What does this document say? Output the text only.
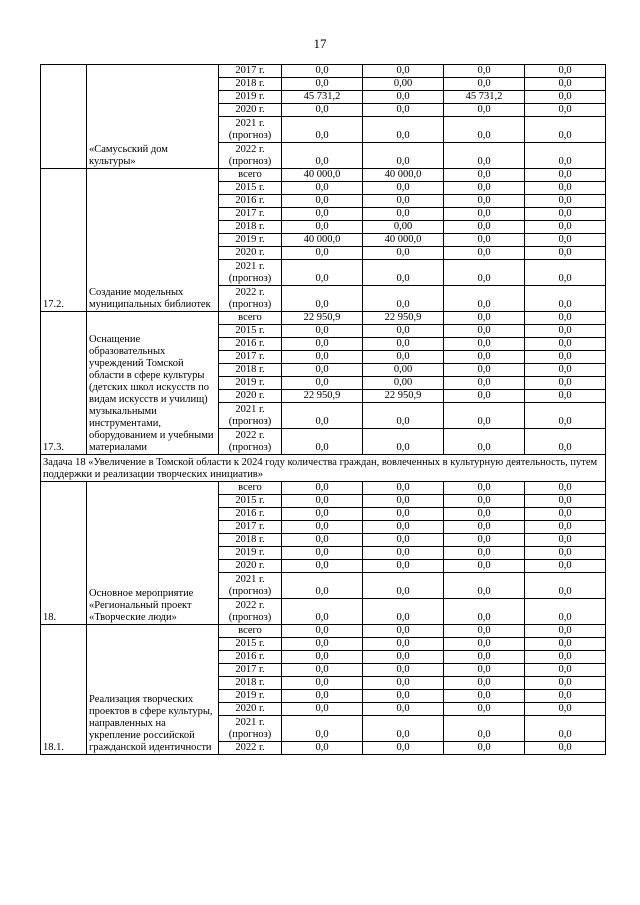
17
	«Самусьский дом культуры»	2017 г.	0,0	0,0	0,0	0,0
		2018 г.	0,0	0,00	0,0	0,0
		2019 г.	45 731,2	0,0	45 731,2	0,0
		2020 г.	0,0	0,0	0,0	0,0
		2021 г. (прогноз)	0,0	0,0	0,0	0,0
		2022 г. (прогноз)	0,0	0,0	0,0	0,0
17.2.	Создание модельных муниципальных библиотек	всего	40 000,0	40 000,0	0,0	0,0
		2015 г.	0,0	0,0	0,0	0,0
		2016 г.	0,0	0,0	0,0	0,0
		2017 г.	0,0	0,0	0,0	0,0
		2018 г.	0,0	0,00	0,0	0,0
		2019 г.	40 000,0	40 000,0	0,0	0,0
		2020 г.	0,0	0,0	0,0	0,0
		2021 г. (прогноз)	0,0	0,0	0,0	0,0
		2022 г. (прогноз)	0,0	0,0	0,0	0,0
17.3.	Оснащение образовательных учреждений Томской области в сфере культуры (детских школ искусств по видам искусств и училищ) музыкальными инструментами, оборудованием и учебными материалами	всего	22 950,9	22 950,9	0,0	0,0
		2015 г.	0,0	0,0	0,0	0,0
		2016 г.	0,0	0,0	0,0	0,0
		2017 г.	0,0	0,0	0,0	0,0
		2018 г.	0,0	0,00	0,0	0,0
		2019 г.	0,0	0,00	0,0	0,0
		2020 г.	22 950,9	22 950,9	0,0	0,0
		2021 г. (прогноз)	0,0	0,0	0,0	0,0
		2022 г. (прогноз)	0,0	0,0	0,0	0,0
Задача 18 «Увеличение в Томской области к 2024 году количества граждан, вовлеченных в культурную деятельность, путем поддержки и реализации творческих инициатив»						
18.	Основное мероприятие «Региональный проект «Творческие люди»	всего	0,0	0,0	0,0	0,0
		2015 г.	0,0	0,0	0,0	0,0
		2016 г.	0,0	0,0	0,0	0,0
		2017 г.	0,0	0,0	0,0	0,0
		2018 г.	0,0	0,0	0,0	0,0
		2019 г.	0,0	0,0	0,0	0,0
		2020 г.	0,0	0,0	0,0	0,0
		2021 г. (прогноз)	0,0	0,0	0,0	0,0
		2022 г. (прогноз)	0,0	0,0	0,0	0,0
18.1.	Реализация творческих проектов в сфере культуры, направленных на укрепление российской гражданской идентичности	всего	0,0	0,0	0,0	0,0
		2015 г.	0,0	0,0	0,0	0,0
		2016 г.	0,0	0,0	0,0	0,0
		2017 г.	0,0	0,0	0,0	0,0
		2018 г.	0,0	0,0	0,0	0,0
		2019 г.	0,0	0,0	0,0	0,0
		2020 г.	0,0	0,0	0,0	0,0
		2021 г. (прогноз)	0,0	0,0	0,0	0,0
		2022 г.	0,0	0,0	0,0	0,0
